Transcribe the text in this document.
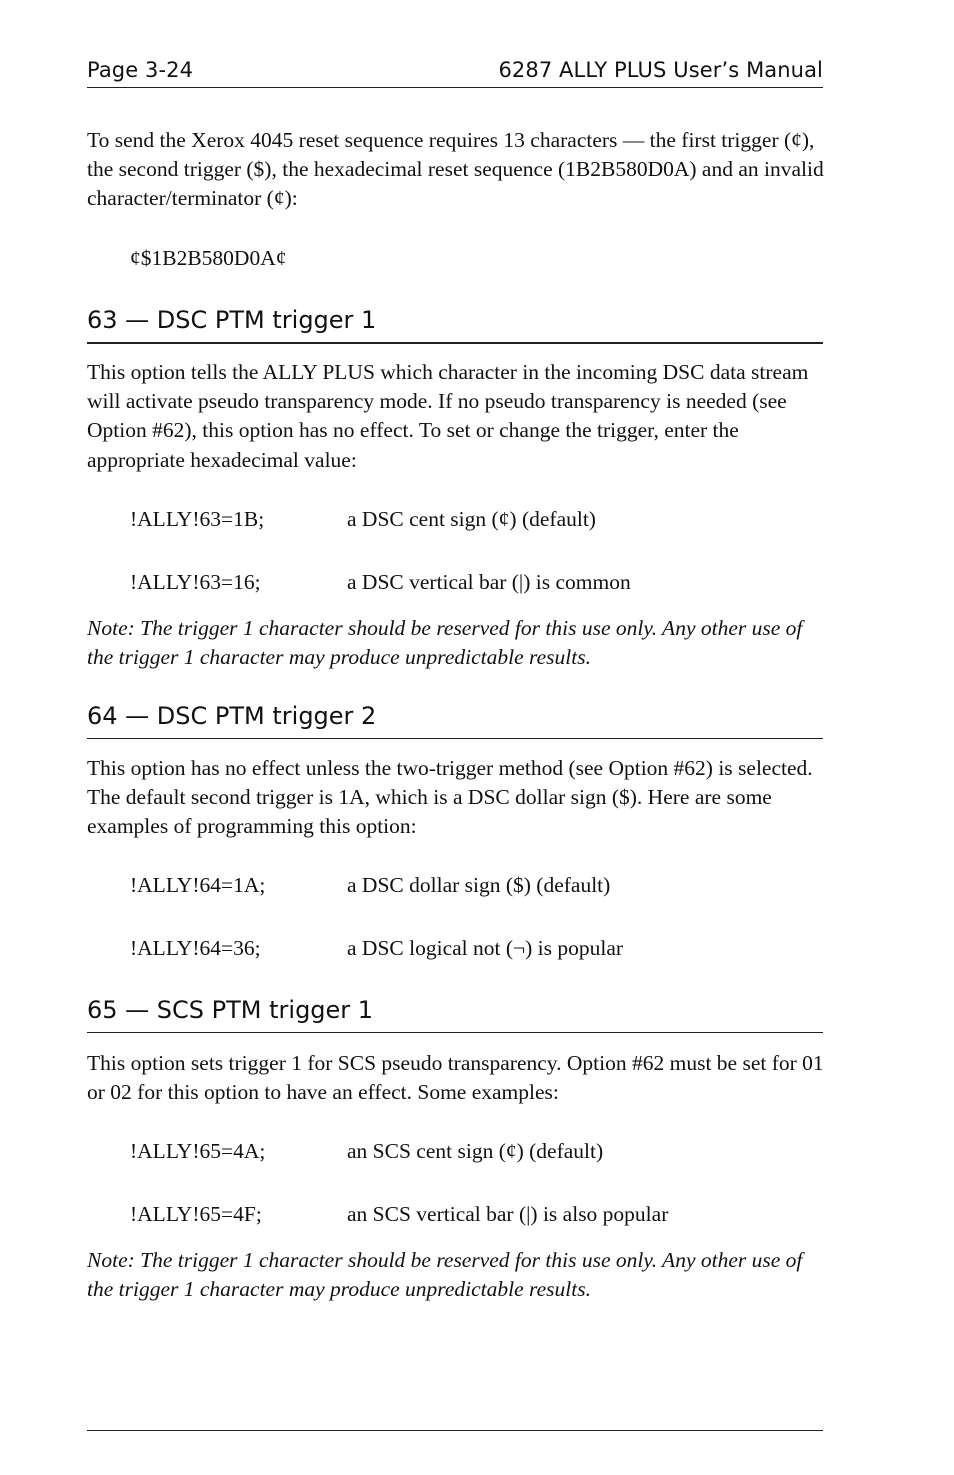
Page 3-24	6287 ALLY PLUS User’s Manual
To send the Xerox 4045 reset sequence requires 13 characters — the first trigger (¢), the second trigger ($), the hexadecimal reset sequence (1B2B580D0A) and an invalid character/terminator (¢):
¢$1B2B580D0A¢
63 — DSC PTM trigger 1
This option tells the ALLY PLUS which character in the incoming DSC data stream will activate pseudo transparency mode. If no pseudo transparency is needed (see Option #62), this option has no effect. To set or change the trigger, enter the appropriate hexadecimal value:
!ALLY!63=1B;	a DSC cent sign (¢) (default)
!ALLY!63=16;	a DSC vertical bar (|) is common
Note: The trigger 1 character should be reserved for this use only. Any other use of the trigger 1 character may produce unpredictable results.
64 — DSC PTM trigger 2
This option has no effect unless the two-trigger method (see Option #62) is selected. The default second trigger is 1A, which is a DSC dollar sign ($). Here are some examples of programming this option:
!ALLY!64=1A;	a DSC dollar sign ($) (default)
!ALLY!64=36;	a DSC logical not (¬) is popular
65 — SCS PTM trigger 1
This option sets trigger 1 for SCS pseudo transparency. Option #62 must be set for 01 or 02 for this option to have an effect. Some examples:
!ALLY!65=4A;	an SCS cent sign (¢) (default)
!ALLY!65=4F;	an SCS vertical bar (|) is also popular
Note: The trigger 1 character should be reserved for this use only. Any other use of the trigger 1 character may produce unpredictable results.
